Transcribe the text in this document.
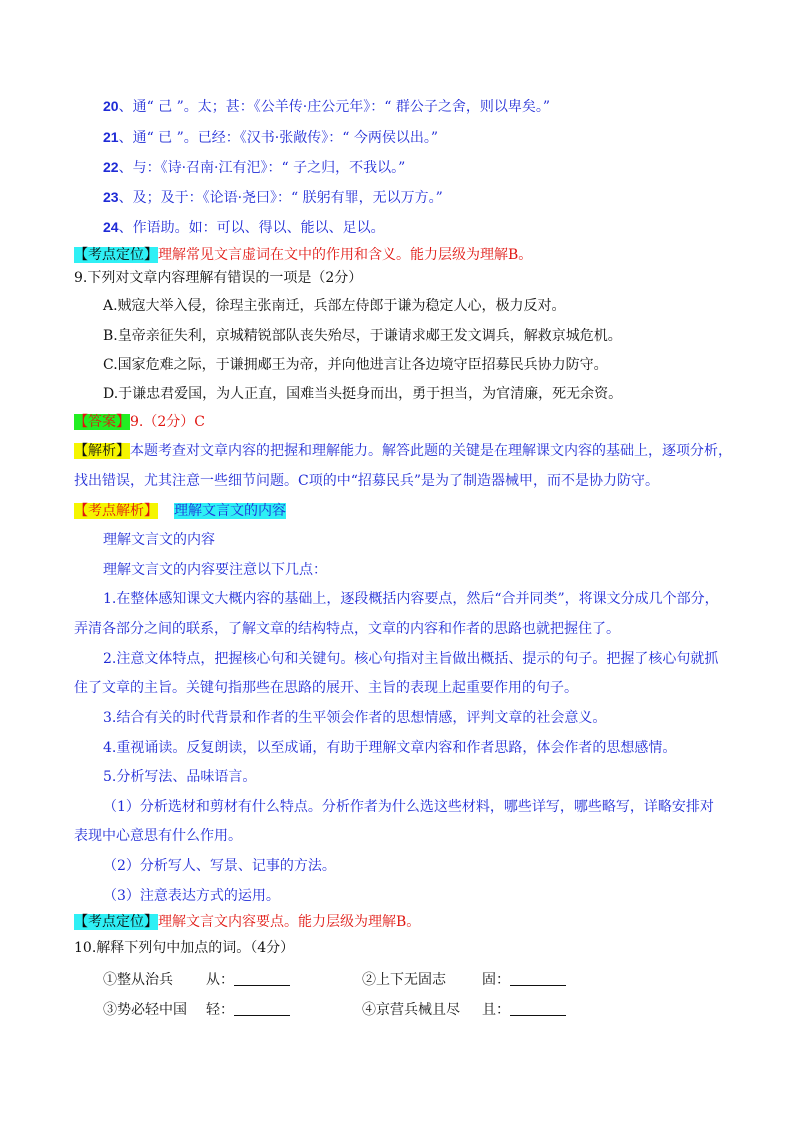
20、通“ 己 ”。太；甚：《公羊传·庄公元年》：“ 群公子之舍，则以卑矣。”
21、通“ 已 ”。已经：《汉书·张敞传》：“ 今两侯以出。”
22、与：《诗·召南·江有汜》：“ 子之归，不我以。”
23、及；及于：《论语·尧曰》：“ 朕躬有罪，无以万方。”
24、作语助。如：可以、得以、能以、足以。
【考点定位】理解常见文言虚词在文中的作用和含义。能力层级为理解B。
9.下列对文章内容理解有错误的一项是（2分）
A.贼寇大举入侵，徐珵主张南迁，兵部左侍郎于谦为稳定人心，极力反对。
B.皇帝亲征失利，京城精锐部队丧失殆尽，于谦请求郕王发文调兵，解救京城危机。
C.国家危难之际，于谦拥郕王为帝，并向他进言让各边境守臣招募民兵协力防守。
D.于谦忠君爱国，为人正直，国难当头挺身而出，勇于担当，为官清廉，死无余资。
【答案】9.（2分）C
【解析】本题考查对文章内容的把握和理解能力。解答此题的关键是在理解课文内容的基础上，逐项分析，
找出错误，尤其注意一些细节问题。C项的中“招募民兵”是为了制造器械甲，而不是协力防守。
【考点解析】 理解文言文的内容
理解文言文的内容
理解文言文的内容要注意以下几点：
1.在整体感知课文大概内容的基础上，逐段概括内容要点，然后“合并同类”，将课文分成几个部分，
弄清各部分之间的联系，了解文章的结构特点，文章的内容和作者的思路也就把握住了。
2.注意文体特点，把握核心句和关键句。核心句指对主旨做出概括、提示的句子。把握了核心句就抓
住了文章的主旨。关键句指那些在思路的展开、主旨的表现上起重要作用的句子。
3.结合有关的时代背景和作者的生平领会作者的思想情感，评判文章的社会意义。
4.重视诵读。反复朗读，以至成诵，有助于理解文章内容和作者思路，体会作者的思想感情。
5.分析写法、品味语言。
（1）分析选材和剪材有什么特点。分析作者为什么选这些材料，哪些详写，哪些略写，详略安排对
表现中心意思有什么作用。
（2）分析写人、写景、记事的方法。
（3）注意表达方式的运用。
【考点定位】理解文言文内容要点。能力层级为理解B。
10.解释下列句中加点的词。（4分）
①整从治兵 从：	②上下无固志	固：
③势必轻中国 轻：	④京营兵械且尽 且：
